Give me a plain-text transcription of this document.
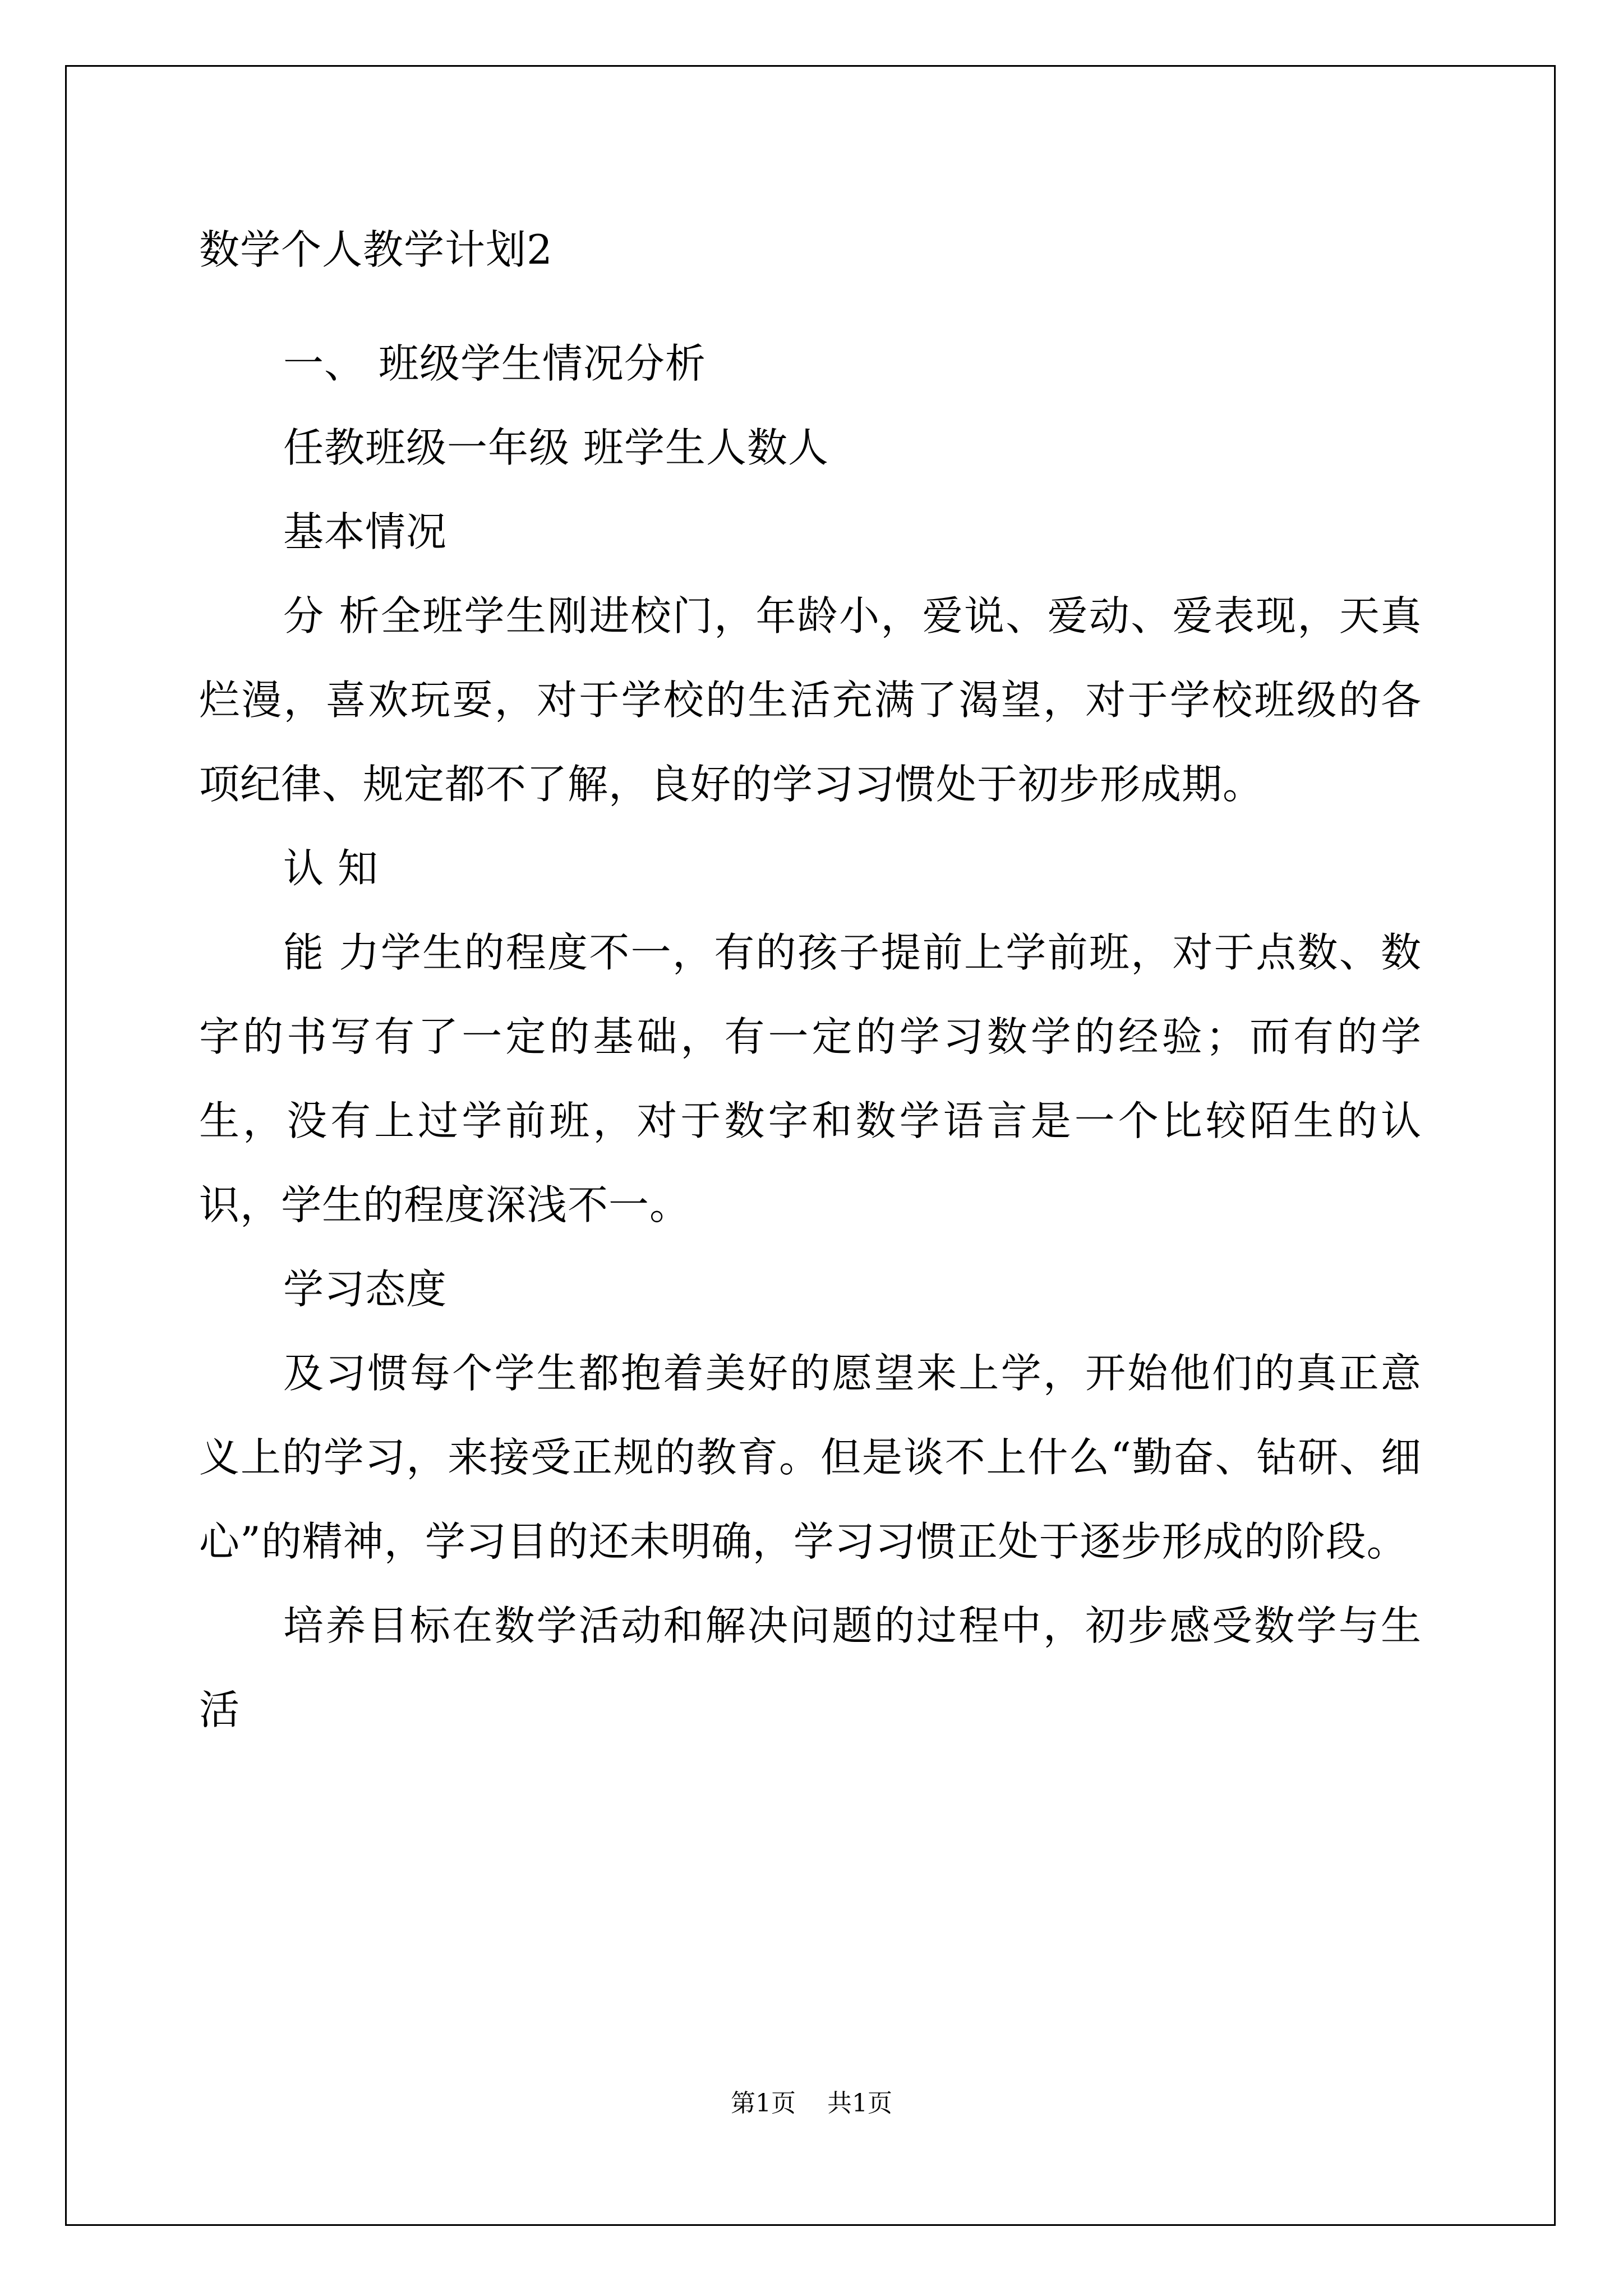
数学个人教学计划2

一、 班级学生情况分析

任教班级一年级 班学生人数人

基本情况

分 析全班学生刚进校门，年龄小，爱说、爱动、爱表现，天真烂漫，喜欢玩耍，对于学校的生活充满了渴望，对于学校班级的各项纪律、规定都不了解，良好的学习习惯处于初步形成期。

认 知

能 力学生的程度不一，有的孩子提前上学前班，对于点数、数字的书写有了一定的基础，有一定的学习数学的经验；而有的学生，没有上过学前班，对于数字和数学语言是一个比较陌生的认识，学生的程度深浅不一。

学习态度

及习惯每个学生都抱着美好的愿望来上学，开始他们的真正意义上的学习，来接受正规的教育。但是谈不上什么“勤奋、钻研、细心”的精神，学习目的还未明确，学习习惯正处于逐步形成的阶段。

培养目标在数学活动和解决问题的过程中，初步感受数学与生活

第1页 共1页
